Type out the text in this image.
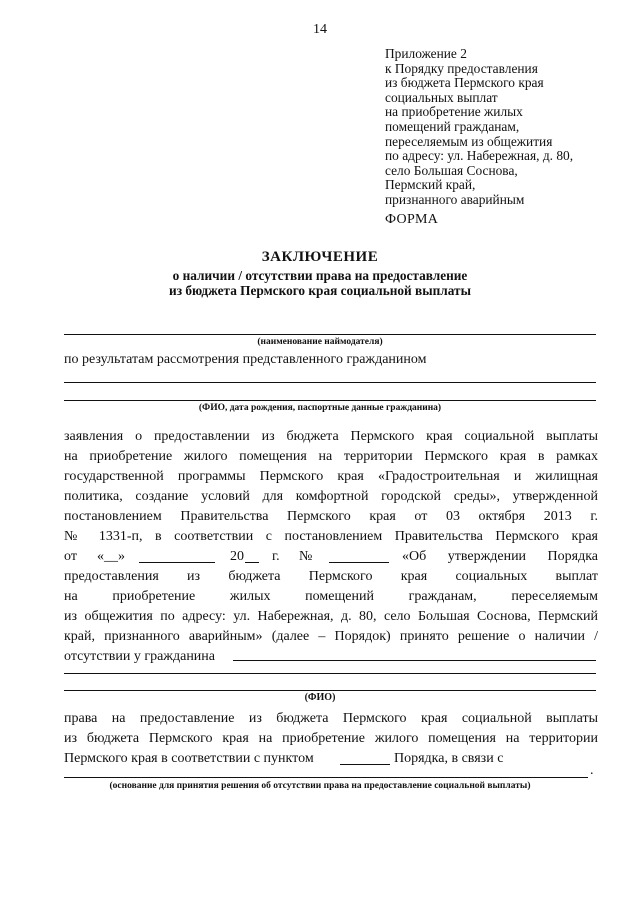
14
Приложение 2
к Порядку предоставления
из бюджета Пермского края
социальных выплат
на приобретение жилых
помещений гражданам,
переселяемым из общежития
по адресу: ул. Набережная, д. 80,
село Большая Соснова,
Пермский край,
признанного аварийным
ФОРМА
ЗАКЛЮЧЕНИЕ
о наличии / отсутствии права на предоставление
из бюджета Пермского края социальной выплаты
(наименование наймодателя)
по результатам рассмотрения представленного гражданином
(ФИО, дата рождения, паспортные данные гражданина)
заявления о предоставлении из бюджета Пермского края социальной выплаты
на приобретение жилого помещения на территории Пермского края в рамках
государственной программы Пермского края «Градостроительная и жилищная
политика, создание условий для комфортной городской среды», утвержденной
постановлением Правительства Пермского края от 03 октября 2013 г.
№ 1331-п, в соответствии с постановлением Правительства Пермского края
от «__»	20 г. №	«Об утверждении Порядка
предоставления из бюджета Пермского края социальных выплат
на приобретение жилых помещений гражданам, переселяемым
из общежития по адресу: ул. Набережная, д. 80, село Большая Соснова, Пермский
край, признанного аварийным» (далее – Порядок) принято решение о наличии /
отсутствии у гражданина
(ФИО)
права на предоставление из бюджета Пермского края социальной выплаты
из бюджета Пермского края на приобретение жилого помещения на территории
Пермского края в соответствии с пунктом	Порядка, в связи с
.
(основание для принятия решения об отсутствии права на предоставление социальной выплаты)
